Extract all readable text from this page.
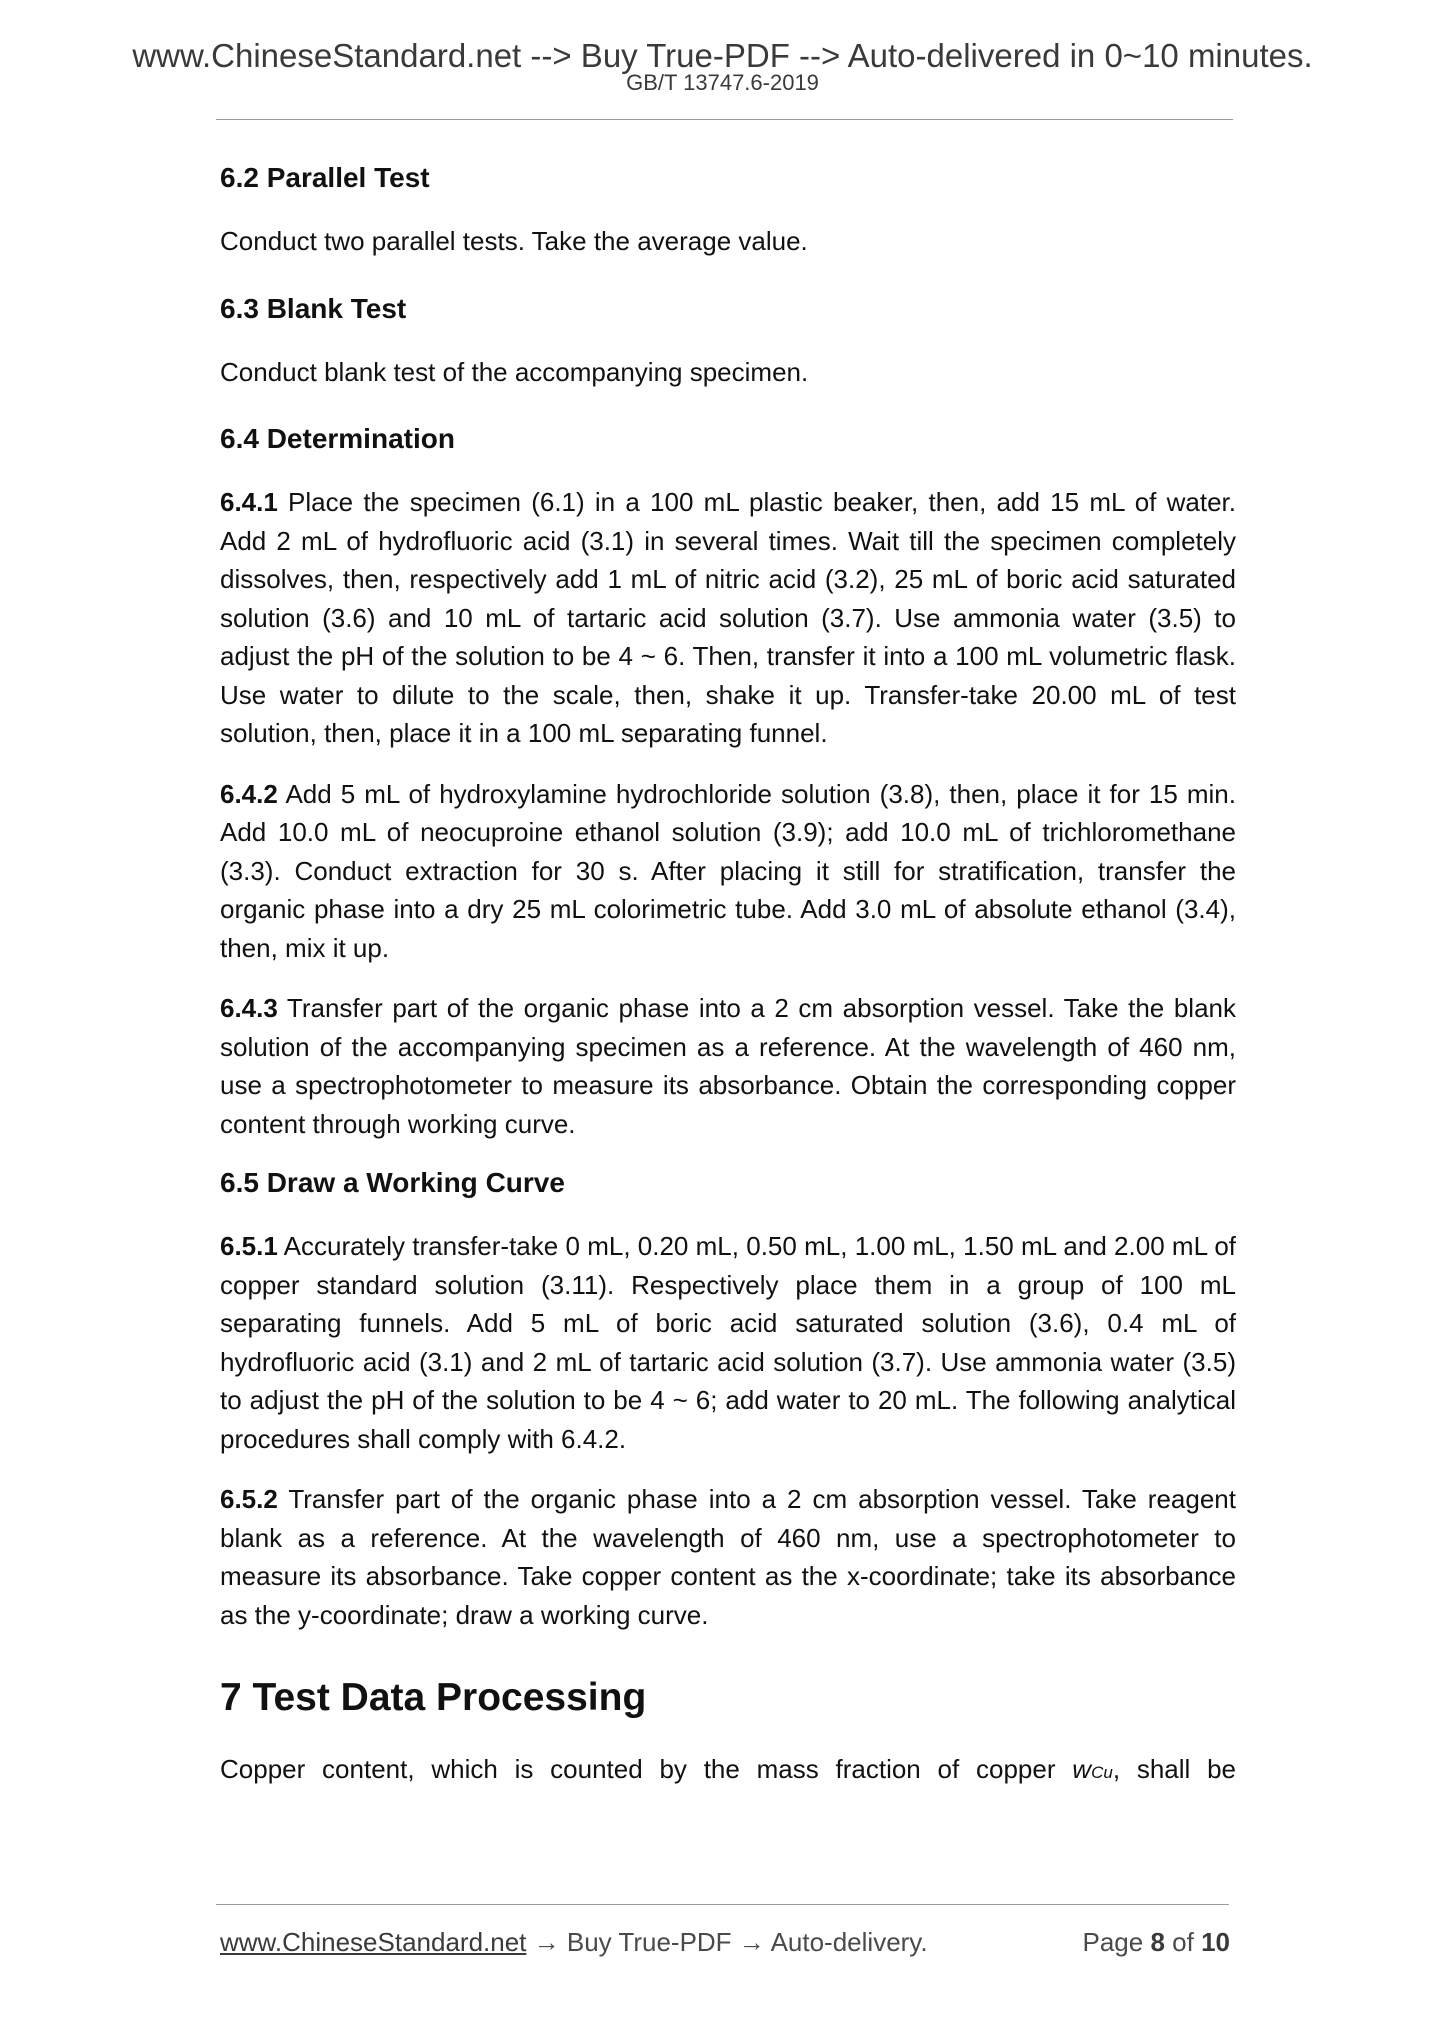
www.ChineseStandard.net --> Buy True-PDF --> Auto-delivered in 0~10 minutes.
GB/T 13747.6-2019
6.2 Parallel Test

Conduct two parallel tests. Take the average value.

6.3 Blank Test

Conduct blank test of the accompanying specimen.

6.4 Determination

6.4.1 Place the specimen (6.1) in a 100 mL plastic beaker, then, add 15 mL of water. Add 2 mL of hydrofluoric acid (3.1) in several times. Wait till the specimen completely dissolves, then, respectively add 1 mL of nitric acid (3.2), 25 mL of boric acid saturated solution (3.6) and 10 mL of tartaric acid solution (3.7). Use ammonia water (3.5) to adjust the pH of the solution to be 4 ~ 6. Then, transfer it into a 100 mL volumetric flask. Use water to dilute to the scale, then, shake it up. Transfer-take 20.00 mL of test solution, then, place it in a 100 mL separating funnel.

6.4.2 Add 5 mL of hydroxylamine hydrochloride solution (3.8), then, place it for 15 min. Add 10.0 mL of neocuproine ethanol solution (3.9); add 10.0 mL of trichloromethane (3.3). Conduct extraction for 30 s. After placing it still for stratification, transfer the organic phase into a dry 25 mL colorimetric tube. Add 3.0 mL of absolute ethanol (3.4), then, mix it up.

6.4.3 Transfer part of the organic phase into a 2 cm absorption vessel. Take the blank solution of the accompanying specimen as a reference. At the wavelength of 460 nm, use a spectrophotometer to measure its absorbance. Obtain the corresponding copper content through working curve.

6.5 Draw a Working Curve

6.5.1 Accurately transfer-take 0 mL, 0.20 mL, 0.50 mL, 1.00 mL, 1.50 mL and 2.00 mL of copper standard solution (3.11). Respectively place them in a group of 100 mL separating funnels. Add 5 mL of boric acid saturated solution (3.6), 0.4 mL of hydrofluoric acid (3.1) and 2 mL of tartaric acid solution (3.7). Use ammonia water (3.5) to adjust the pH of the solution to be 4 ~ 6; add water to 20 mL. The following analytical procedures shall comply with 6.4.2.

6.5.2 Transfer part of the organic phase into a 2 cm absorption vessel. Take reagent blank as a reference. At the wavelength of 460 nm, use a spectrophotometer to measure its absorbance. Take copper content as the x-coordinate; take its absorbance as the y-coordinate; draw a working curve.

7 Test Data Processing

Copper content, which is counted by the mass fraction of copper wCu, shall be

www.ChineseStandard.net → Buy True-PDF → Auto-delivery.	Page 8 of 10
